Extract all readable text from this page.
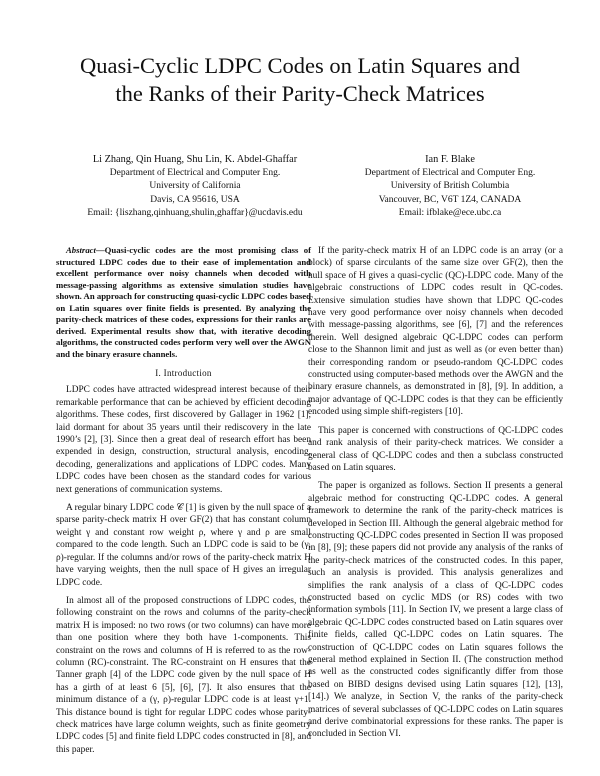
Quasi-Cyclic LDPC Codes on Latin Squares and
the Ranks of their Parity-Check Matrices
Li Zhang, Qin Huang, Shu Lin, K. Abdel-Ghaffar
Department of Electrical and Computer Eng.
University of California
Davis, CA 95616, USA
Email: {liszhang,qinhuang,shulin,ghaffar}@ucdavis.edu
Ian F. Blake
Department of Electrical and Computer Eng.
University of British Columbia
Vancouver, BC, V6T 1Z4, CANADA
Email: ifblake@ece.ubc.ca

Abstract—Quasi-cyclic codes are the most promising class of structured LDPC codes due to their ease of implementation and excellent performance over noisy channels when decoded with message-passing algorithms as extensive simulation studies have shown. An approach for constructing quasi-cyclic LDPC codes based on Latin squares over finite fields is presented. By analyzing the parity-check matrices of these codes, expressions for their ranks are derived. Experimental results show that, with iterative decoding algorithms, the constructed codes perform very well over the AWGN and the binary erasure channels.

I. Introduction

LDPC codes have attracted widespread interest because of their remarkable performance that can be achieved by efficient decoding algorithms. These codes, first discovered by Gallager in 1962 [1], laid dormant for about 35 years until their rediscovery in the late 1990’s [2], [3]. Since then a great deal of research effort has been expended in design, construction, structural analysis, encoding, decoding, generalizations and applications of LDPC codes. Many LDPC codes have been chosen as the standard codes for various next generations of communication systems.

A regular binary LDPC code 𝒞 [1] is given by the null space of a sparse parity-check matrix H over GF(2) that has constant column weight γ and constant row weight ρ, where γ and ρ are small compared to the code length. Such an LDPC code is said to be (γ, ρ)-regular. If the columns and/or rows of the parity-check matrix H have varying weights, then the null space of H gives an irregular LDPC code.

In almost all of the proposed constructions of LDPC codes, the following constraint on the rows and columns of the parity-check matrix H is imposed: no two rows (or two columns) can have more than one position where they both have 1-components. This constraint on the rows and columns of H is referred to as the row-column (RC)-constraint. The RC-constraint on H ensures that the Tanner graph [4] of the LDPC code given by the null space of H has a girth of at least 6 [5], [6], [7]. It also ensures that the minimum distance of a (γ, ρ)-regular LDPC code is at least γ+1. This distance bound is tight for regular LDPC codes whose parity-check matrices have large column weights, such as finite geometry LDPC codes [5] and finite field LDPC codes constructed in [8], and this paper.

If the parity-check matrix H of an LDPC code is an array (or a block) of sparse circulants of the same size over GF(2), then the null space of H gives a quasi-cyclic (QC)-LDPC code. Many of the algebraic constructions of LDPC codes result in QC-codes. Extensive simulation studies have shown that LDPC QC-codes have very good performance over noisy channels when decoded with message-passing algorithms, see [6], [7] and the references therein. Well designed algebraic QC-LDPC codes can perform close to the Shannon limit and just as well as (or even better than) their corresponding random or pseudo-random QC-LDPC codes constructed using computer-based methods over the AWGN and the binary erasure channels, as demonstrated in [8], [9]. In addition, a major advantage of QC-LDPC codes is that they can be efficiently encoded using simple shift-registers [10].

This paper is concerned with constructions of QC-LDPC codes and rank analysis of their parity-check matrices. We consider a general class of QC-LDPC codes and then a subclass constructed based on Latin squares.

The paper is organized as follows. Section II presents a general algebraic method for constructing QC-LDPC codes. A general framework to determine the rank of the parity-check matrices is developed in Section III. Although the general algebraic method for constructing QC-LDPC codes presented in Section II was proposed in [8], [9]; these papers did not provide any analysis of the ranks of the parity-check matrices of the constructed codes. In this paper, such an analysis is provided. This analysis generalizes and simplifies the rank analysis of a class of QC-LDPC codes constructed based on cyclic MDS (or RS) codes with two information symbols [11]. In Section IV, we present a large class of algebraic QC-LDPC codes constructed based on Latin squares over finite fields, called QC-LDPC codes on Latin squares. The construction of QC-LDPC codes on Latin squares follows the general method explained in Section II. (The construction method as well as the constructed codes significantly differ from those based on BIBD designs devised using Latin squares [12], [13], [14].) We analyze, in Section V, the ranks of the parity-check matrices of several subclasses of QC-LDPC codes on Latin squares and derive combinatorial expressions for these ranks. The paper is concluded in Section VI.
